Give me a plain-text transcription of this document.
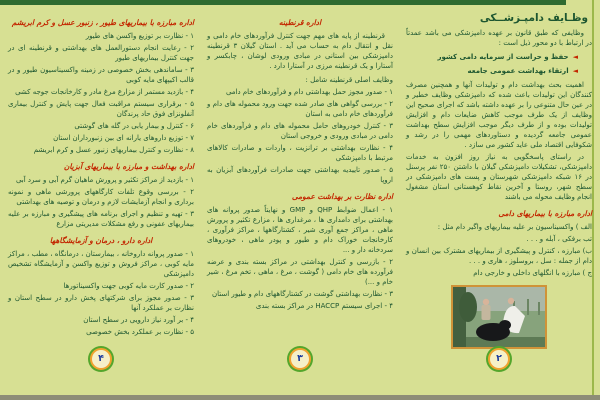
اداره مبارزه با بیماریهای طیور ، زنبور عسل و کرم ابریشم
۱ - نظارت بر توزیع واکسن های طیور
۲ - رعایت انجام دستورالعمل های بهداشتی و قرنطینه ای در جهت کنترل بیماریهای طیور
۳ - ساماندهی بخش خصوصی در زمینه واکسیناسیون طیور و در قالب اکیپهای مایه کوبی
۴ - بازدید مستمر از مزارع مرغ مادر و کارخانجات جوجه کشی
۵ - برقراری سیستم مراقبت فعال جهت پایش و کنترل بیماری آنفلونزای فوق حاد پرندگان
۶ - کنترل و بیمار یابی در گله های گوشتی
۷ - توزیع داروهای یارانه ای بین زنبورداران استان
۸ - نظارت و کنترل بیماریهای زنبور عسل و کرم ابریشم
اداره بهداشت و مبارزه با بیماریهای آبزیان
۱ - بازدید از مراکز تکثیر و پرورش ماهیان گرم آبی و سرد آبی
۲ - بررسی وقوع تلفات کارگاههای پرورشی ماهی و نمونه برداری و انجام آزمایشات لازم و درمان و توصیه های بهداشتی
۳ - تهیه و تنظیم و اجرای برنامه های پیشگیری و مبارزه بر علیه بیماریهای عفونی و رفع مشکلات مدیریتی مزارع
اداره دارو ، درمان و آزمایشگاهها
۱ - صدور پروانه داروخانه ، بیمارستان ، درمانگاه ، مطب ، مراکز مایه کوبی ، مراکز فروش و توزیع واکسن و آزمایشگاه تشخیص دامپزشکی
۲ - صدور کارت مایه کوبی جهت واکسیناتورها
۳ - صدور مجوز برای شرکتهای پخش دارو در سطح استان و نظارت بر عملکرد آنها
۴ - بر آورد نیاز دارویی در سطح استان
۵ - نظارت بر عملکرد بخش خصوصی
۴
اداره قرنطینه
قرنطینه از پایه های مهم جهت کنترل فرآوردهای خام دامی و نقل و انتقال دام به حساب می آید . استان گیلان ۳ قرنطینه دامپزشکی بین استانی در مبادی ورودی لوشان ، چابکسر و آستارا و یک قرنطینه مرزی در آستارا دارد .
وظایف اصلی قرنطینه شامل :
۱ - صدور مجوز حمل بهداشتی دام و فرآوردهای خام دامی
۲ - بررسی گواهی های صادر شده جهت ورود محموله های دام و فرآوردهای خام دامی به استان
۳ - کنترل خودروهای حامل محموله های دام و فرآوردهای خام دامی در مبادی ورودی و خروجی استان
۴ - نظارت بهداشتی بر ترانزیت ، واردات و صادرات کالاهای مرتبط با دامپزشکی
۵ - صدور تاییدیه بهداشتی جهت صادرات فرآوردهای آبزیان به اروپا
اداره نظارت بر بهداشت عمومی
۱ - اعمال ضوابط QHP و GMP و نهایتاً صدور پروانه های بهداشتی برای دامداری ها ، مرغداری ها ، مزارع تکثیر و پرورش ماهی ، مراکز جمع آوری شیر ، کشتارگاهها ، مراکز فرآوری ، کارخانجات خوراک دام و طیور و پودر ماهی ، خودروهای سردخانه دار و ...
۲ - بازرسی و کنترل بهداشتی در مراکز بسته بندی و عرضه فرآورده های خام دامی ( گوشت ، مرغ ، ماهی ، تخم مرغ ، شیر خام و ...)
۳ - نظارت بهداشتی گوشت در کشتارگاههای دام و طیور استان
۴ - اجرای سیستم HACCP در مراکز بسته بندی
۳
وظـایف دامپـزشــکی
وظایفی که طبق قانون بر عهده دامپزشکی می باشد عمدتاً در ارتباط با دو محور ذیل است :
◄
حفظ و حراست از سرمایه دامی کشور
◄
ارتقاء بهداشت عمومی جامعه
اهمیت بحث بهداشت دام و تولیدات آنها و همچنین مصرف کنندگان این تولیدات باعث شده که دامپزشکی وظایف خطیر و در عین حال متنوعی را بر عهده داشته باشد که اجرای صحیح این وظایف از یک طرف موجب کاهش ضایعات دام و افزایش تولیدات بوده و از طرف دیگر موجب افزایش سطح بهداشت عمومی جامعه گردیده و دستاوردهای مهمی را در رشد و شکوفایی اقتصاد ملی عاید کشور می سازد .
در راستای پاسخگویی به نیاز روز افزون به خدمات دامپزشکی، تشکیلات دامپزشکی گیلان با داشتن ۲۵۰ نفر پرسنل در ۱۶ شبکه دامپزشکی شهرستان و پست های دامپزشکی در سطح شهر، روستا و آخرین نقاط کوهستانی استان مشغول انجام وظایف محوله می باشند
اداره مبارزه با بیماریهای دامی
الف ) واکسیناسیون بر علیه بیماریهای واگیر دام مثل :
تب برفکی ، آبله و . . .
ب) مبارزه ، کنترل و پیشگیری از بیماریهای مشترک بین انسان و دام از جمله : سل ، بروسلوز ، هاری و . . .
ج ) مبارزه با انگلهای داخلی و خارجی دام
۲
